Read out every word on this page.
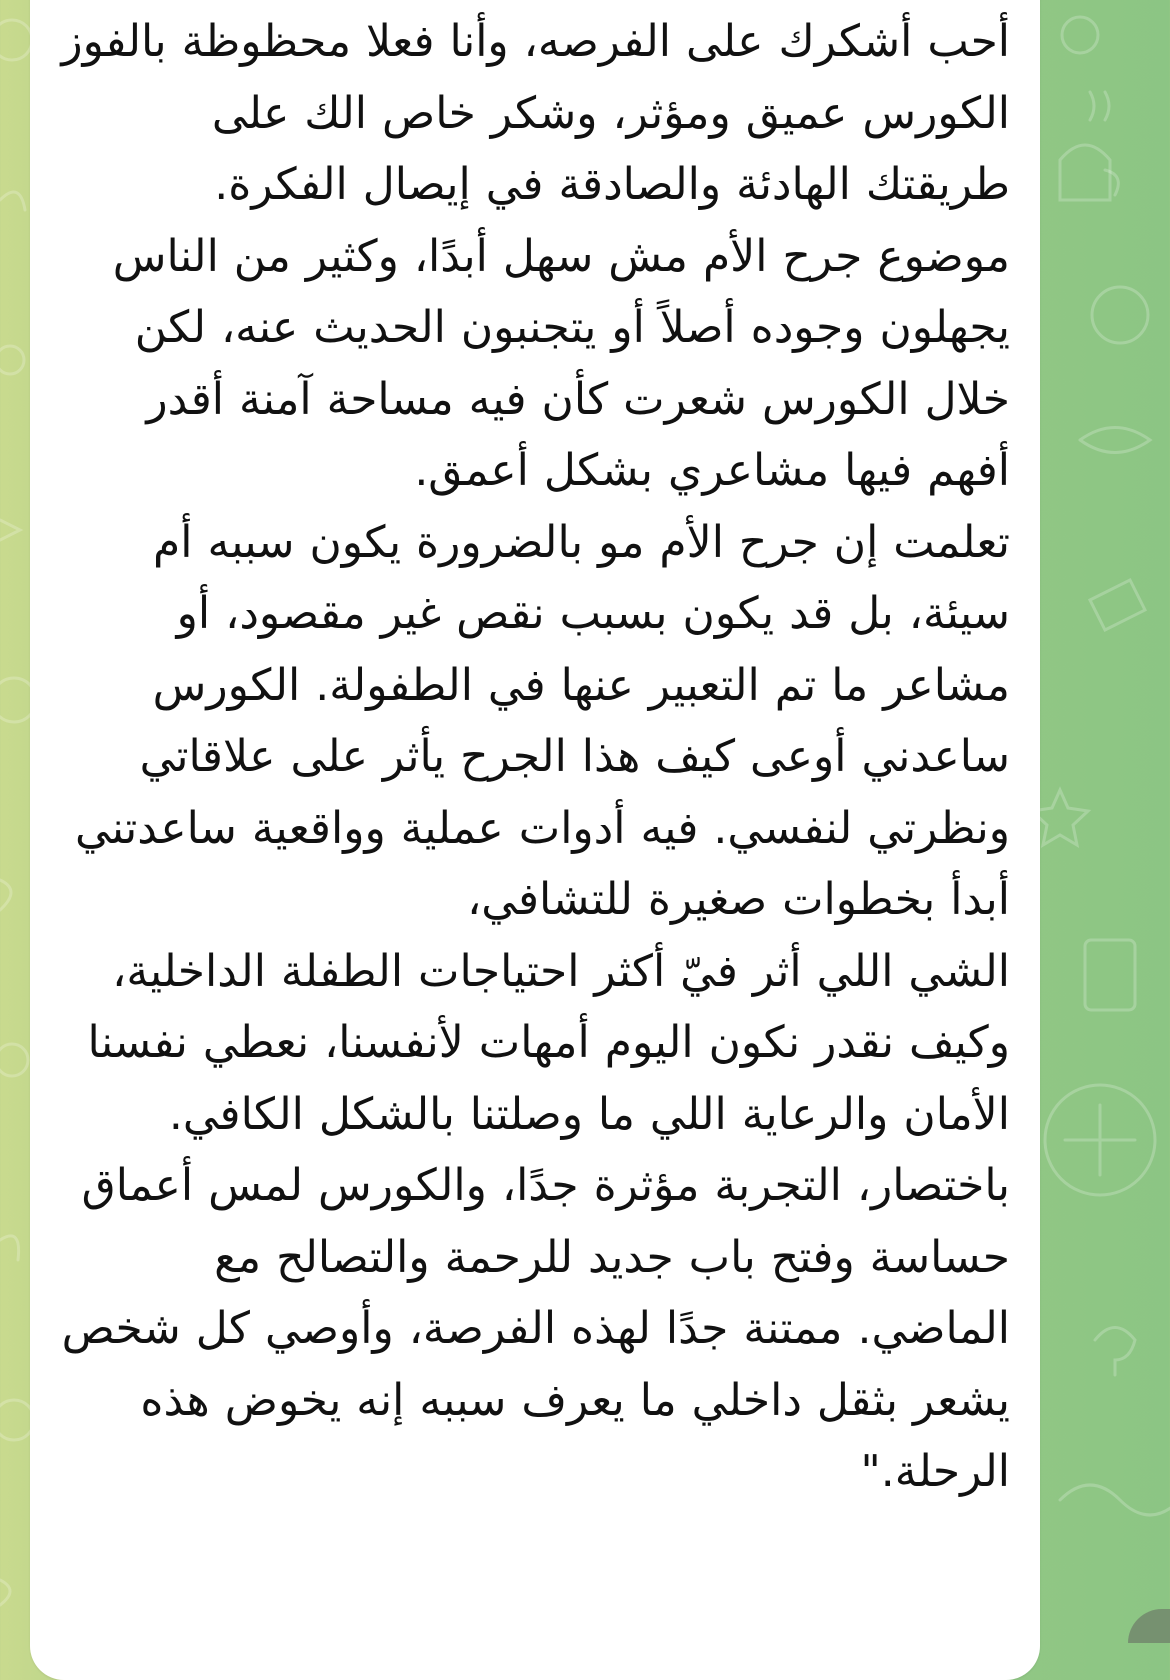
أحب أشكرك على الفرصه، وأنا فعلا محظوظة بالفوز
الكورس عميق ومؤثر، وشكر خاص الك على طريقتك الهادئة والصادقة في إيصال الفكرة.
موضوع جرح الأم مش سهل أبدًا، وكثير من الناس يجهلون وجوده أصلاً أو يتجنبون الحديث عنه، لكن خلال الكورس شعرت كأن فيه مساحة آمنة أقدر أفهم فيها مشاعري بشكل أعمق.
تعلمت إن جرح الأم مو بالضرورة يكون سببه أم سيئة، بل قد يكون بسبب نقص غير مقصود، أو مشاعر ما تم التعبير عنها في الطفولة. الكورس ساعدني أوعى كيف هذا الجرح يأثر على علاقاتي ونظرتي لنفسي. فيه أدوات عملية وواقعية ساعدتني أبدأ بخطوات صغيرة للتشافي،
الشي اللي أثر فيّ أكثر احتياجات الطفلة الداخلية، وكيف نقدر نكون اليوم أمهات لأنفسنا، نعطي نفسنا الأمان والرعاية اللي ما وصلتنا بالشكل الكافي.
باختصار، التجربة مؤثرة جدًا، والكورس لمس أعماق حساسة وفتح باب جديد للرحمة والتصالح مع الماضي. ممتنة جدًا لهذه الفرصة، وأوصي كل شخص يشعر بثقل داخلي ما يعرف سببه إنه يخوض هذه الرحلة."
